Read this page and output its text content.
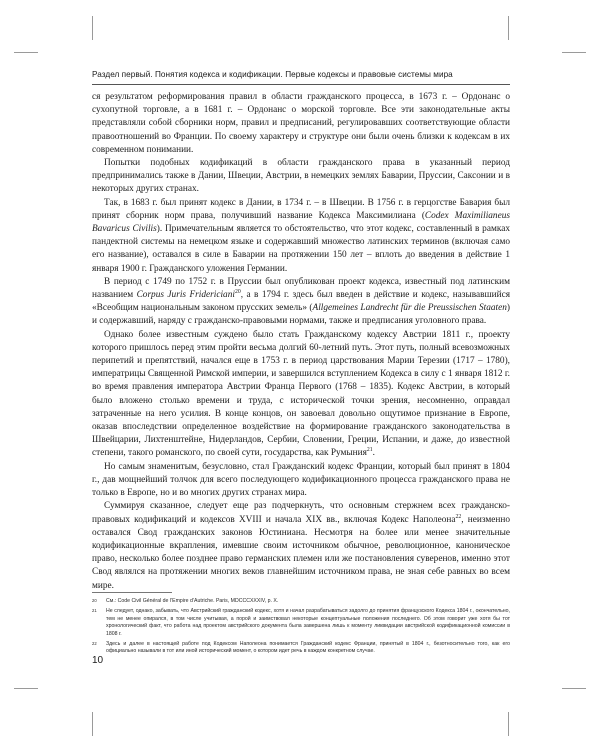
Раздел первый. Понятия кодекса и кодификации. Первые кодексы и правовые системы мира

ся результатом реформирования правил в области гражданского процесса, в 1673 г. – Ордонанс о сухопутной торговле, а в 1681 г. – Ордонанс о морской торговле. Все эти законодательные акты представляли собой сборники норм, правил и предписаний, регулировавших соответствующие области правоотношений во Франции. По своему характеру и структуре они были очень близки к кодексам в их современном понимании.

Попытки подобных кодификаций в области гражданского права в указанный период предпринимались также в Дании, Швеции, Австрии, в немецких землях Баварии, Пруссии, Саксонии и в некоторых других странах.

Так, в 1683 г. был принят кодекс в Дании, в 1734 г. – в Швеции. В 1756 г. в герцогстве Бавария был принят сборник норм права, получивший название Кодекса Максимилиана (Codex Maximilianeus Bavaricus Civilis). Примечательным является то обстоятельство, что этот кодекс, составленный в рамках пандектной системы на немецком языке и содержавший множество латинских терминов (включая само его название), оставался в силе в Баварии на протяжении 150 лет – вплоть до введения в действие 1 января 1900 г. Гражданского уложения Германии.

В период с 1749 по 1752 г. в Пруссии был опубликован проект кодекса, известный под латинским названием Corpus Juris Fridericiani$^{20}$, а в 1794 г. здесь был введен в действие и кодекс, называвшийся «Всеобщим национальным законом прусских земель» (Allgemeines Landrecht für die Preussischen Staaten) и содержавший, наряду с гражданско-правовыми нормами, также и предписания уголовного права.

Однако более известным суждено было стать Гражданскому кодексу Австрии 1811 г., проекту которого пришлось перед этим пройти весьма долгий 60-летний путь. Этот путь, полный всевозможных перипетий и препятствий, начался еще в 1753 г. в период царствования Марии Терезии (1717 – 1780), императрицы Священной Римской империи, и завершился вступлением Кодекса в силу с 1 января 1812 г. во время правления императора Австрии Франца Первого (1768 – 1835). Кодекс Австрии, в который было вложено столько времени и труда, с исторической точки зрения, несомненно, оправдал затраченные на него усилия. В конце концов, он завоевал довольно ощутимое признание в Европе, оказав впоследствии определенное воздействие на формирование гражданского законодательства в Швейцарии, Лихтенштейне, Нидерландов, Сербии, Словении, Греции, Испании, и даже, до известной степени, такого романского, по своей сути, государства, как Румыния$^{21}$.

Но самым знаменитым, безусловно, стал Гражданский кодекс Франции, который был принят в 1804 г., дав мощнейший толчок для всего последующего кодификационного процесса гражданского права не только в Европе, но и во многих других странах мира.

Суммируя сказанное, следует еще раз подчеркнуть, что основным стержнем всех гражданско-правовых кодификаций и кодексов XVIII и начала XIX вв., включая Кодекс Наполеона$^{22}$, неизменно оставался Свод гражданских законов Юстиниана. Несмотря на более или менее значительные кодификационные вкрапления, имевшие своим источником обычное, революционное, каноническое право, несколько более позднее право германских племен или же постановления суверенов, именно этот Свод являлся на протяжении многих веков главнейшим источником права, не зная себе равных во всем мире.

20 См.: Code Civil Général de l’Empire d’Autriche. Paris, MDCCCXXXIV, p. X.
21 Не следует, однако, забывать, что Австрийский гражданский кодекс, хотя и начал разрабатываться задолго до принятия французского Кодекса 1804 г., окончательно, тем не менее опирался, в том числе учитывая, а порой и заимствовал некоторые концептуальные положения последнего. Об этом говорит уже хотя бы тот хронологический факт, что работа над проектом австрийского документа была завершена лишь к моменту ликвидации австрийской кодификационной комиссии в 1808 г.
22 Здесь и далее в настоящей работе под Кодексом Наполеона понимается Гражданский кодекс Франции, принятый в 1804 г., безотносительно того, как его официально называли в тот или иной исторический момент, о котором идет речь в каждом конкретном случае.
10
